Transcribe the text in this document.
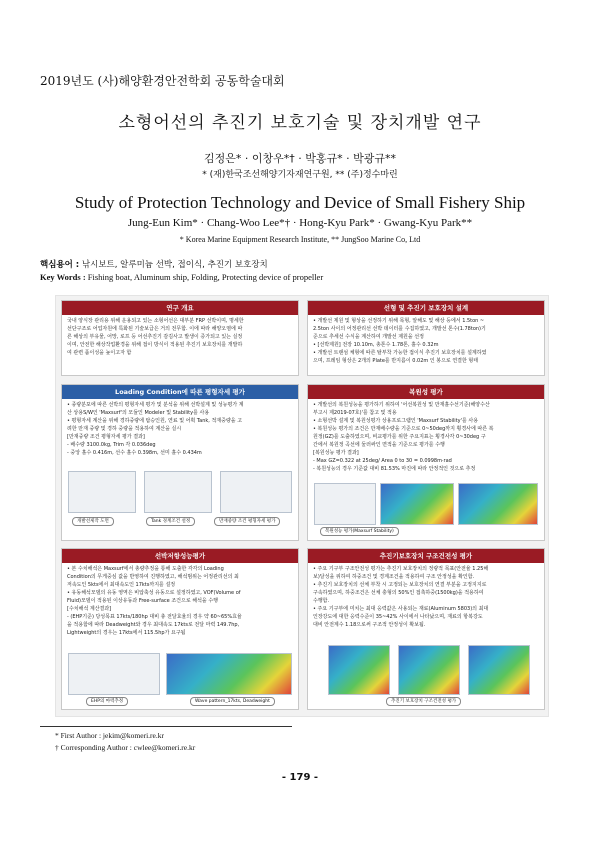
2019년도 (사)해양환경안전학회 공동학술대회
소형어선의 추진기 보호기술 및 장치개발 연구
김정은* · 이창우*† · 박홍규* · 박광규**
* (재)한국조선해양기자재연구원, ** (주)정수마린
Study of Protection Technology and Device of Small Fishery Ship
Jung-Eun Kim* · Chang-Woo Lee*† · Hong-Kyu Park* · Gwang-Kyu Park**
* Korea Marine Equipment Research Institute, ** JungSoo Marine Co, Ltd
핵심용어 : 낚시보트, 알루미늄 선박, 접이식, 추진기 보호장치
Key Words : Fishing boat, Aluminum ship, Folding, Protecting device of propeller
연구 개요
국내 양식장 관리용 위해 운용되고 있는 소형어선은 대부분 FRP 선박이며, 명세한
선단구조로 어업자원에 특화된 기술보급은 거의 전무함. 이에 따라 해양오염에 따
른 해상의 부유물, 어망, 로프 등 어선추진기 감김사고 발생이 증가되고 있는 실정
이며, 안전한 해상작업환경을 위해 접이 방식이 적용된 추진기 보호장치를 개발하
여 관련 품이성을 높이고자 함
선형 및 추진기 보호장치 설계
• 개발선 제원 및 형상을 선정하기 위해 목형, 알해도 및 해상 등에서 1.5ton ~
2.5ton 사이의 어정관리선 선박 데이터를 수집하였고, 개발선 톤수(1.78ton)기
준으로 추세선 수식을 계산하여 개발선 제원을 선정
• [선박제원] 전장 10.10m, 총톤수 1.78톤, 흘수 0.32m
• 개발선 트랜섬 체형에 따른 탈부착 가능한 접이식 추진기 보호장치를 설계하였
으며, 프레임 형상은 2개의 Plate를 반지름이 0.02m 인 봉으로 연결한 형태
Loading Condition에 따른 평형자세 평가
• 종량분포에 따른 선박의 평형자세 평가 및 분석을 위해 선박설계 및 성능평가 계
산 상용S/W인 'Maxsurf'의 모듈인 Modeler 및 Stability를 사용
• 평형자세 계산을 위해 경하중량에 탑승인원, 연료 및 어획 Tank, 적재중량을 고
려한 만재 중량 및 경하 중량을 적용하여 계산을 실시
[만재중량 조건 평형자세 평가 결과]
- 배수량 3100.0kg, Trim 각 0.036deg
- 중앙 흘수 0.416m, 선수 흘수 0.398m, 선미 흘수 0.434m
개발선제작 도면	Tank 경계조건 설정	만재중량 조건 평형자세 평가
복원성 평가
• 개발선의 복원성능을 평가하기 위하여 '어선복원성 및 만재흘수선기준(해양수산
부고시 제2019-07호)'를 참고 및 적용
• 소형선박 설계 및 복원성평가 상용프로그램인 'Maxsurf Stability'를 사용
• 복원성능 평가의 조건은 만재배수량을 기준으로 0~50deg까지 횡경사에 따른 복
원정(GZ)를 도출하였으며, 비교평가를 위한 주요지표는 횡경사각 0~30deg 구
간에서 복원정 곡선에 둘러싸인 면적을 기준으로 평가를 수행
[복원성능 평가 결과]
- Max GZ=0.322 at 25deg/ Area 0 to 30 = 0.0998m·rad
- 복원성능의 경우 기준값 대비 81.53% 마진에 따라 안정적인 것으로 추정
복원성능 평가(Maxsurf Stability)
선박저항성능평가
• 본 수치해석은 Maxsurf에서 총량추정을 통해 도출한 각각의 Loading
Condition의 무게중심 값을 반영하여 진행하였고, 해석범위는 어정관리선의 최
저속도인 5kts에서 최대속도인 17kts까지를 설정
• 유동해석모델의 유동 영역은 비압축성 유동으로 설정하였고, VOF(Volume of
Fluid)모델이 적용된 이상유동과 Free-surface 조건으로 해석을 수행
[수치해석 계산결과]
- (EHP기준) 당성목표 17kts/180hp 대비 총 전달효율의 경우 약 60~65%효율
을 적용함에 따라 Deadweight와 경우 최대속도 17kts로 전달 마력 149.7hp,
Lightweight의 경우는 17kts에서 115.5hp가 요구됨
EHP의 마력추정	Wave pattern_17kts, Deadweight
추진기보호장치 구조건전성 평가
• 주요 기구부 구조안전성 평가는 추진기 보호장치의 정량적 목표(안전율 1.25해
보)달성을 위하여 하중조건 및 경계조건을 적용하여 구조 안정성을 확인함.
• 추진기 보호장치의 선체 부착 시 고정되는 보호장치의 연결 부분을 고정지지로
구속하였으며, 하중조건은 선체 충형의 50%인 접촉하중(1500kg)을 적용하여
수행함.
• 주요 기구부에 미치는 최대 응력값은 사용되는 재료(Aluminum 5803)의 최대
인장강도에 대한 응력수준이 35~42% 사이에서 나타났으며, 재료의 항복강도
대비 안전계수 1.18으로써 구조적 안정성이 확보됨.
추진기 보호장치 구조건전성 평가
* First Author : jekim@komeri.re.kr
† Corresponding Author : cwlee@komeri.re.kr
- 179 -
